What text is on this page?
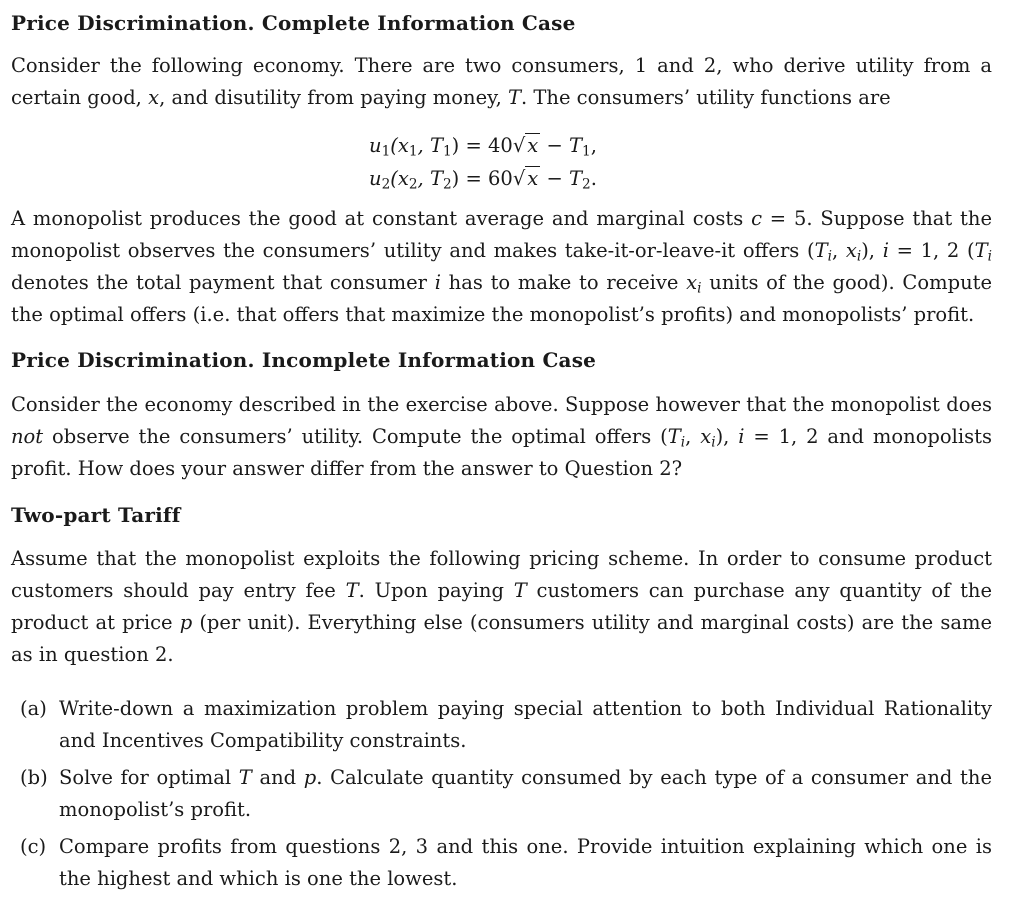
Price Discrimination. Complete Information Case

Consider the following economy. There are two consumers, 1 and 2, who derive utility from a certain good, x, and disutility from paying money, T. The consumers’ utility functions are

$u_1(x_1$, $T_1) = 40√$ $x - T_1$,
$u_2(x_2$, $T_2) = 60√$ $x - T_2$.

A monopolist produces the good at constant average and marginal costs c = 5. Suppose that the monopolist observes the consumers’ utility and makes take-it-or-leave-it offers ($T_i$, $x_i$), i = 1, 2 ($T_i$ denotes the total payment that consumer i has to make to receive $x_i$ units of the good). Compute the optimal offers (i.e. that offers that maximize the monopolist’s profits) and monopolists’ profit.

Price Discrimination. Incomplete Information Case

Consider the economy described in the exercise above. Suppose however that the monopolist does not observe the consumers’ utility. Compute the optimal offers ($T_i$, $x_i$), i = 1, 2 and monopolists profit. How does your answer differ from the answer to Question 2?

Two-part Tariff

Assume that the monopolist exploits the following pricing scheme. In order to consume product customers should pay entry fee T. Upon paying T customers can purchase any quantity of the product at price p (per unit). Everything else (consumers utility and marginal costs) are the same as in question 2.

(a) Write-down a maximization problem paying special attention to both Individual Rationality and Incentives Compatibility constraints.
(b) Solve for optimal T and p. Calculate quantity consumed by each type of a consumer and the monopolist’s profit.
(c) Compare profits from questions 2, 3 and this one. Provide intuition explaining which one is the highest and which is one the lowest.
